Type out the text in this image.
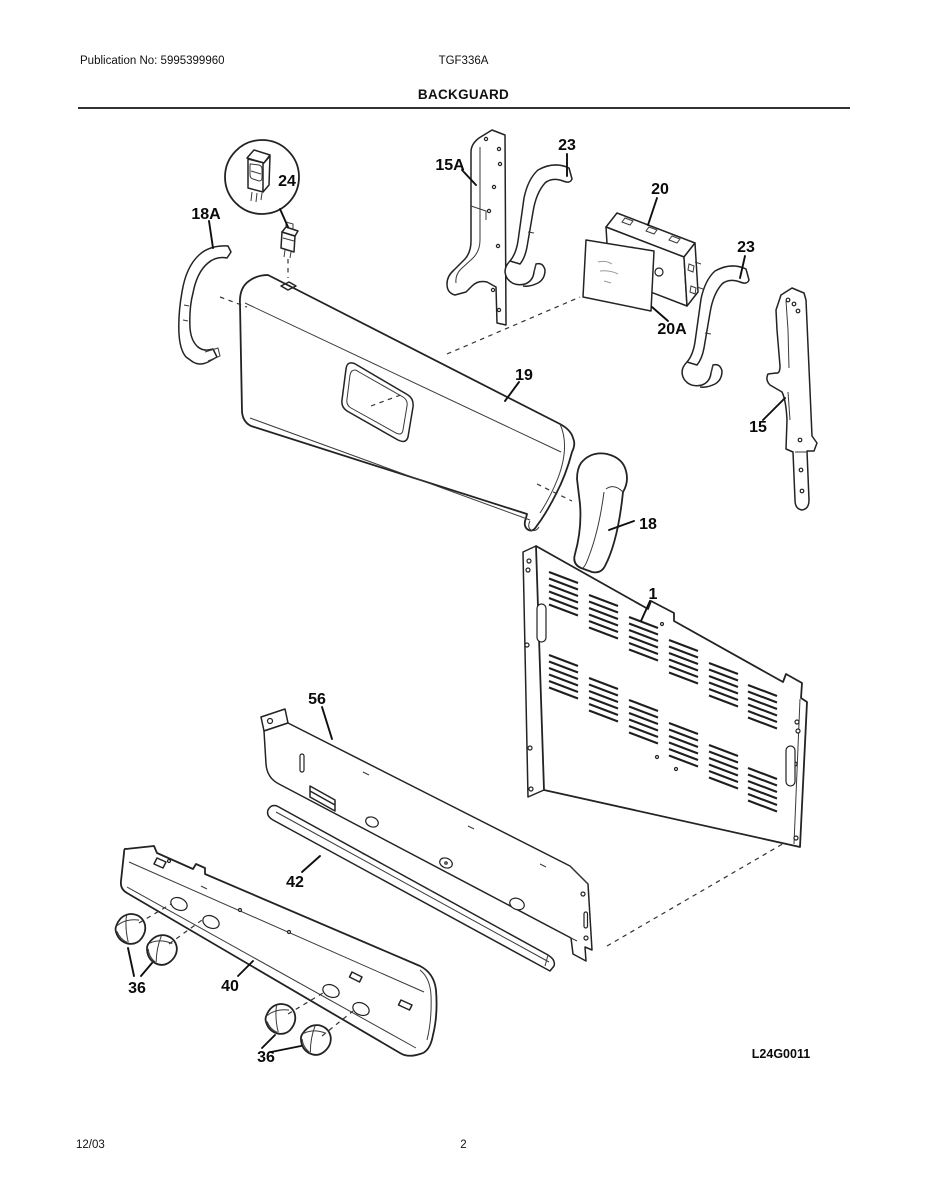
Publication No: 5995399960	TGF336A
BACKGUARD
24
18A
15A
23
20
20A
23
15
19
18
1
56
42
40
36
36	L24G0011
12/03	2
